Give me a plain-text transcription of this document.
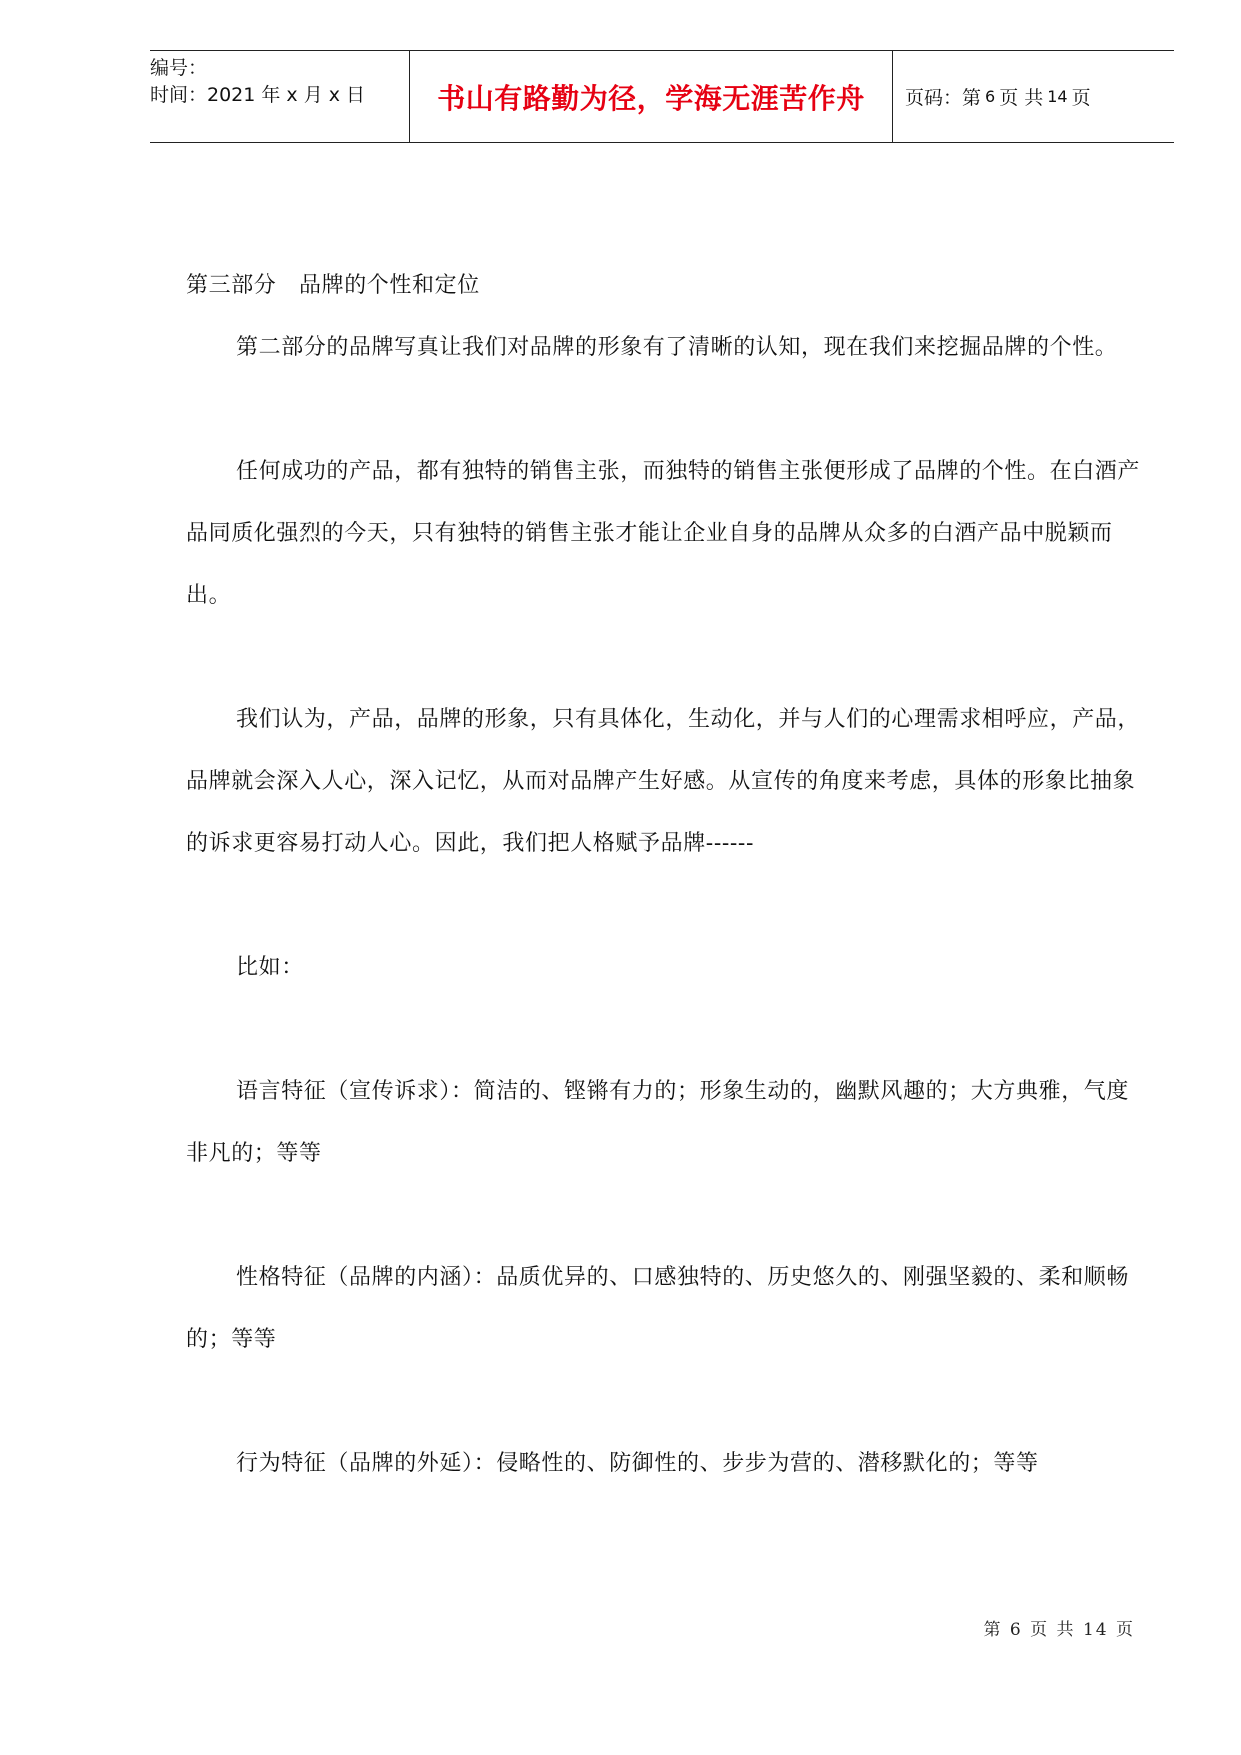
编号：
时间：2021 年 x 月 x 日	书山有路勤为径，学海无涯苦作舟 页码：第 6 页 共 14 页

第三部分　品牌的个性和定位

第二部分的品牌写真让我们对品牌的形象有了清晰的认知，现在我们来挖掘品牌的个性。

任何成功的产品，都有独特的销售主张，而独特的销售主张便形成了品牌的个性。在白酒产品同质化强烈的今天，只有独特的销售主张才能让企业自身的品牌从众多的白酒产品中脱颖而出。

我们认为，产品，品牌的形象，只有具体化，生动化，并与人们的心理需求相呼应，产品，品牌就会深入人心，深入记忆，从而对品牌产生好感。从宣传的角度来考虑，具体的形象比抽象的诉求更容易打动人心。因此，我们把人格赋予品牌------

比如：

语言特征（宣传诉求）：简洁的、铿锵有力的；形象生动的，幽默风趣的；大方典雅，气度非凡的；等等

性格特征（品牌的内涵）：品质优异的、口感独特的、历史悠久的、刚强坚毅的、柔和顺畅的；等等

行为特征（品牌的外延）：侵略性的、防御性的、步步为营的、潜移默化的；等等

第 6 页 共 14 页
